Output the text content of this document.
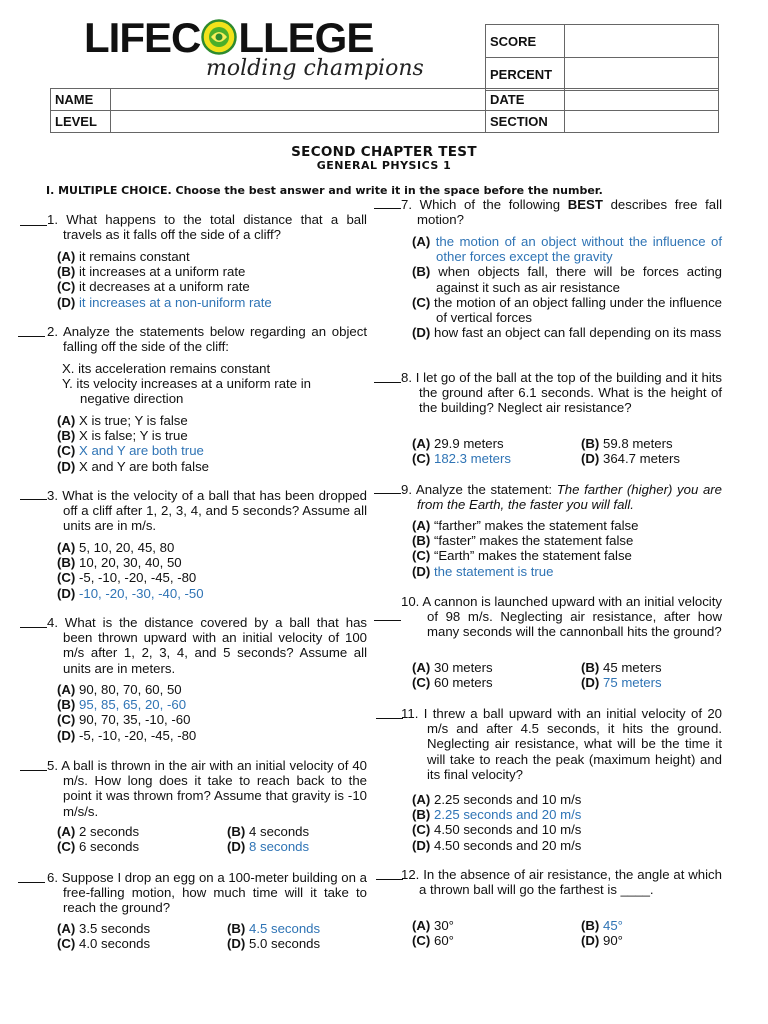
LIFEC LLEGE
molding champions
SCORE	
PERCENT	
NAME		DATE	
LEVEL		SECTION	
SECOND CHAPTER TEST
GENERAL PHYSICS 1
I. MULTIPLE CHOICE. Choose the best answer and write it in the space before the number.
1. What happens to the total distance that a ball travels as it falls off the side of a cliff?
(A) it remains constant
(B) it increases at a uniform rate
(C) it decreases at a uniform rate
(D) it increases at a non-uniform rate
2. Analyze the statements below regarding an object falling off the side of the cliff:
X. its acceleration remains constant
Y. its velocity increases at a uniform rate in negative direction
(A) X is true; Y is false
(B) X is false; Y is true
(C) X and Y are both true
(D) X and Y are both false
3. What is the velocity of a ball that has been dropped off a cliff after 1, 2, 3, 4, and 5 seconds? Assume all units are in m/s.
(A) 5, 10, 20, 45, 80
(B) 10, 20, 30, 40, 50
(C) -5, -10, -20, -45, -80
(D) -10, -20, -30, -40, -50
4. What is the distance covered by a ball that has been thrown upward with an initial velocity of 100 m/s after 1, 2, 3, 4, and 5 seconds? Assume all units are in meters.
(A) 90, 80, 70, 60, 50
(B) 95, 85, 65, 20, -60
(C) 90, 70, 35, -10, -60
(D) -5, -10, -20, -45, -80
5. A ball is thrown in the air with an initial velocity of 40 m/s. How long does it take to reach back to the point it was thrown from? Assume that gravity is -10 m/s/s.
(A) 2 seconds	(B) 4 seconds
(C) 6 seconds	(D) 8 seconds
6. Suppose I drop an egg on a 100-meter building on a free-falling motion, how much time will it take to reach the ground?
(A) 3.5 seconds	(B) 4.5 seconds
(C) 4.0 seconds	(D) 5.0 seconds
7. Which of the following BEST describes free fall motion?
(A) the motion of an object without the influence of other forces except the gravity
(B) when objects fall, there will be forces acting against it such as air resistance
(C) the motion of an object falling under the influence of vertical forces
(D) how fast an object can fall depending on its mass
8. I let go of the ball at the top of the building and it hits the ground after 6.1 seconds. What is the height of the building? Neglect air resistance?
(A) 29.9 meters	(B) 59.8 meters
(C) 182.3 meters	(D) 364.7 meters
9. Analyze the statement: The farther (higher) you are from the Earth, the faster you will fall.
(A) “farther” makes the statement false
(B) “faster” makes the statement false
(C) “Earth” makes the statement false
(D) the statement is true
10. A cannon is launched upward with an initial velocity of 98 m/s. Neglecting air resistance, after how many seconds will the cannonball hits the ground?
(A) 30 meters	(B) 45 meters
(C) 60 meters	(D) 75 meters
11. I threw a ball upward with an initial velocity of 20 m/s and after 4.5 seconds, it hits the ground. Neglecting air resistance, what will be the time it will take to reach the peak (maximum height) and its final velocity?
(A) 2.25 seconds and 10 m/s
(B) 2.25 seconds and 20 m/s
(C) 4.50 seconds and 10 m/s
(D) 4.50 seconds and 20 m/s
12. In the absence of air resistance, the angle at which a thrown ball will go the farthest is ____.
(A) 30°	(B) 45°
(C) 60°	(D) 90°
